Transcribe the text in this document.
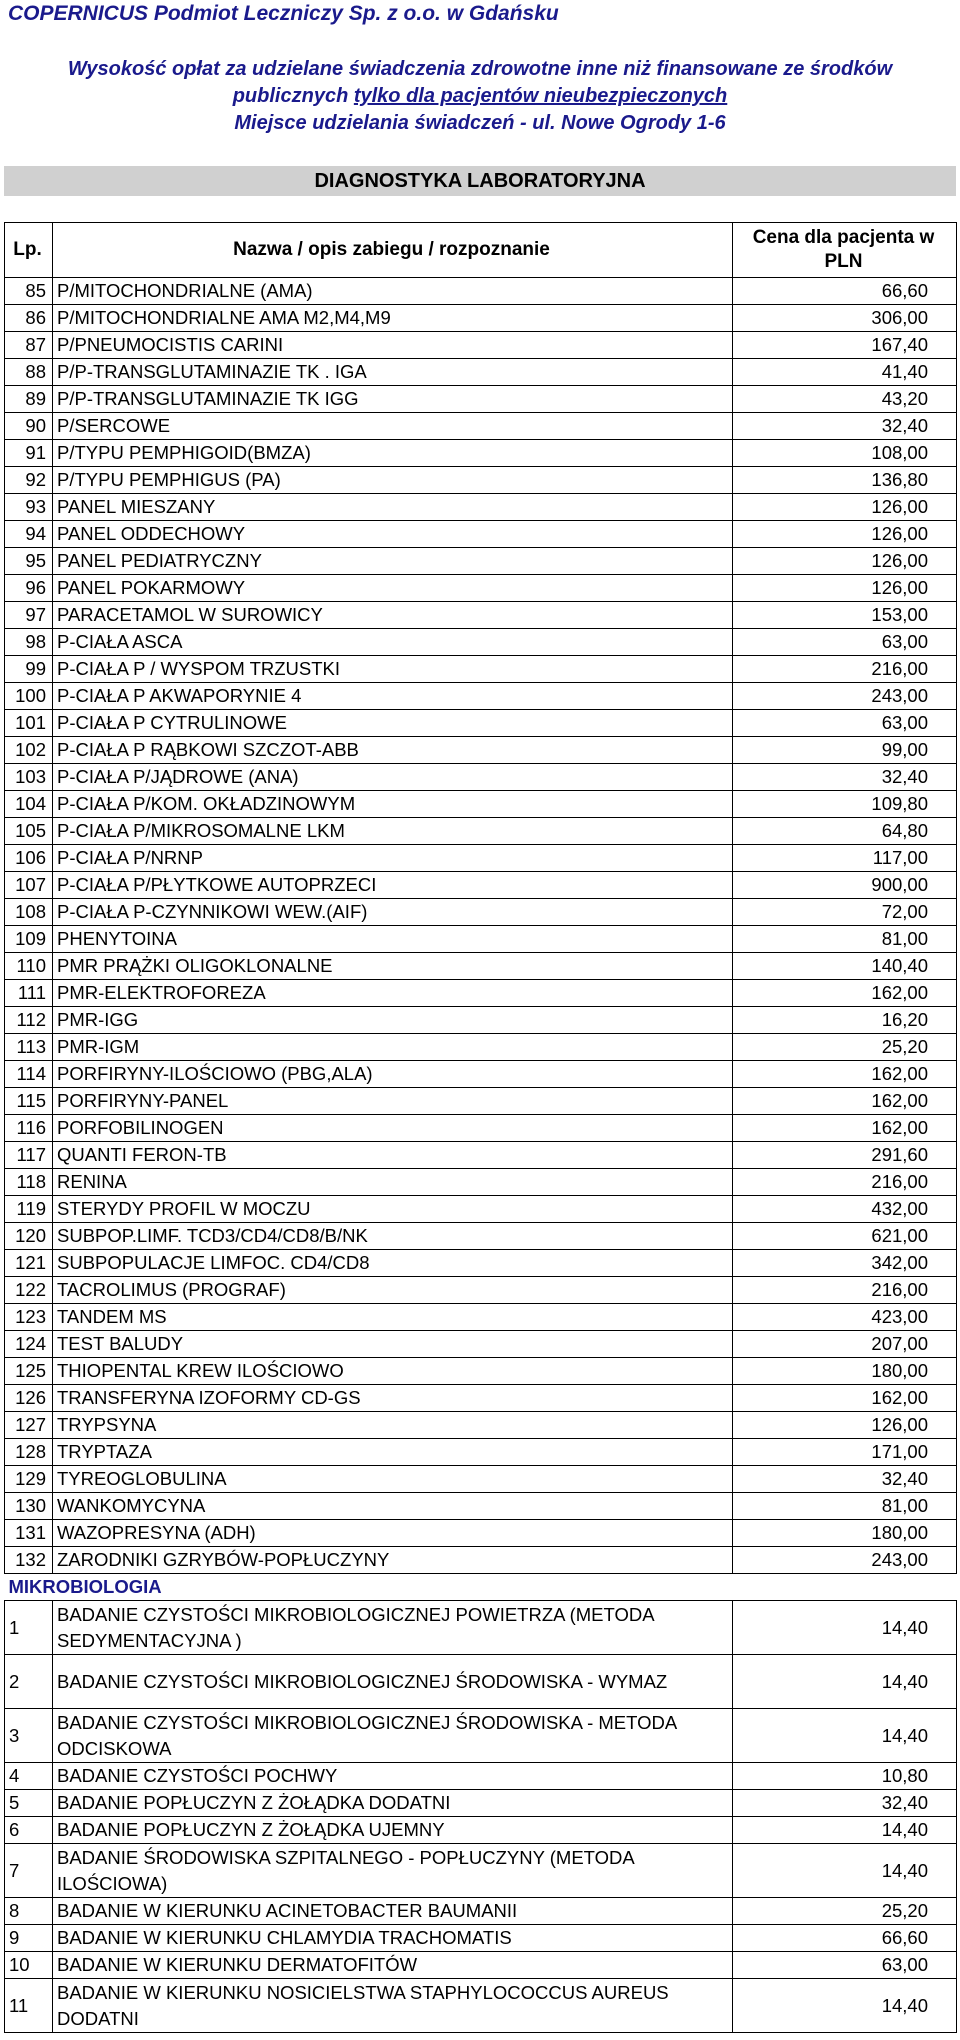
COPERNICUS Podmiot Leczniczy Sp. z o.o. w Gdańsku
Wysokość opłat za udzielane świadczenia zdrowotne inne niż finansowane ze środków
publicznych tylko dla pacjentów nieubezpieczonych
Miejsce udzielania świadczeń - ul. Nowe Ogrody 1-6
DIAGNOSTYKA LABORATORYJNA
Lp.	Nazwa / opis zabiegu / rozpoznanie	Cena dla pacjenta w PLN
85	P/MITOCHONDRIALNE (AMA)	66,60
86	P/MITOCHONDRIALNE AMA M2,M4,M9	306,00
87	P/PNEUMOCISTIS CARINI	167,40
88	P/P-TRANSGLUTAMINAZIE TK . IGA	41,40
89	P/P-TRANSGLUTAMINAZIE TK IGG	43,20
90	P/SERCOWE	32,40
91	P/TYPU PEMPHIGOID(BMZA)	108,00
92	P/TYPU PEMPHIGUS (PA)	136,80
93	PANEL MIESZANY	126,00
94	PANEL ODDECHOWY	126,00
95	PANEL PEDIATRYCZNY	126,00
96	PANEL POKARMOWY	126,00
97	PARACETAMOL W SUROWICY	153,00
98	P-CIAŁA ASCA	63,00
99	P-CIAŁA P / WYSPOM TRZUSTKI	216,00
100	P-CIAŁA P AKWAPORYNIE 4	243,00
101	P-CIAŁA P CYTRULINOWE	63,00
102	P-CIAŁA P RĄBKOWI SZCZOT-ABB	99,00
103	P-CIAŁA P/JĄDROWE (ANA)	32,40
104	P-CIAŁA P/KOM. OKŁADZINOWYM	109,80
105	P-CIAŁA P/MIKROSOMALNE LKM	64,80
106	P-CIAŁA P/NRNP	117,00
107	P-CIAŁA P/PŁYTKOWE AUTOPRZECI	900,00
108	P-CIAŁA P-CZYNNIKOWI WEW.(AIF)	72,00
109	PHENYTOINA	81,00
110	PMR PRĄŻKI OLIGOKLONALNE	140,40
111	PMR-ELEKTROFOREZA	162,00
112	PMR-IGG	16,20
113	PMR-IGM	25,20
114	PORFIRYNY-ILOŚCIOWO (PBG,ALA)	162,00
115	PORFIRYNY-PANEL	162,00
116	PORFOBILINOGEN	162,00
117	QUANTI FERON-TB	291,60
118	RENINA	216,00
119	STERYDY PROFIL W MOCZU	432,00
120	SUBPOP.LIMF. TCD3/CD4/CD8/B/NK	621,00
121	SUBPOPULACJE LIMFOC. CD4/CD8	342,00
122	TACROLIMUS (PROGRAF)	216,00
123	TANDEM MS	423,00
124	TEST BALUDY	207,00
125	THIOPENTAL KREW ILOŚCIOWO	180,00
126	TRANSFERYNA IZOFORMY CD-GS	162,00
127	TRYPSYNA	126,00
128	TRYPTAZA	171,00
129	TYREOGLOBULINA	32,40
130	WANKOMYCYNA	81,00
131	WAZOPRESYNA (ADH)	180,00
132	ZARODNIKI GZRYBÓW-POPŁUCZYNY	243,00
MIKROBIOLOGIA		
1	BADANIE CZYSTOŚCI MIKROBIOLOGICZNEJ POWIETRZA (METODA SEDYMENTACYJNA )	14,40
2	BADANIE CZYSTOŚCI MIKROBIOLOGICZNEJ ŚRODOWISKA - WYMAZ	14,40
3	BADANIE CZYSTOŚCI MIKROBIOLOGICZNEJ ŚRODOWISKA - METODA ODCISKOWA	14,40
4	BADANIE CZYSTOŚCI POCHWY	10,80
5	BADANIE POPŁUCZYN Z ŻOŁĄDKA DODATNI	32,40
6	BADANIE POPŁUCZYN Z ŻOŁĄDKA UJEMNY	14,40
7	BADANIE ŚRODOWISKA SZPITALNEGO - POPŁUCZYNY (METODA ILOŚCIOWA)	14,40
8	BADANIE W KIERUNKU ACINETOBACTER BAUMANII	25,20
9	BADANIE W KIERUNKU CHLAMYDIA TRACHOMATIS	66,60
10	BADANIE W KIERUNKU DERMATOFITÓW	63,00
11	BADANIE W KIERUNKU NOSICIELSTWA STAPHYLOCOCCUS AUREUS DODATNI	14,40
